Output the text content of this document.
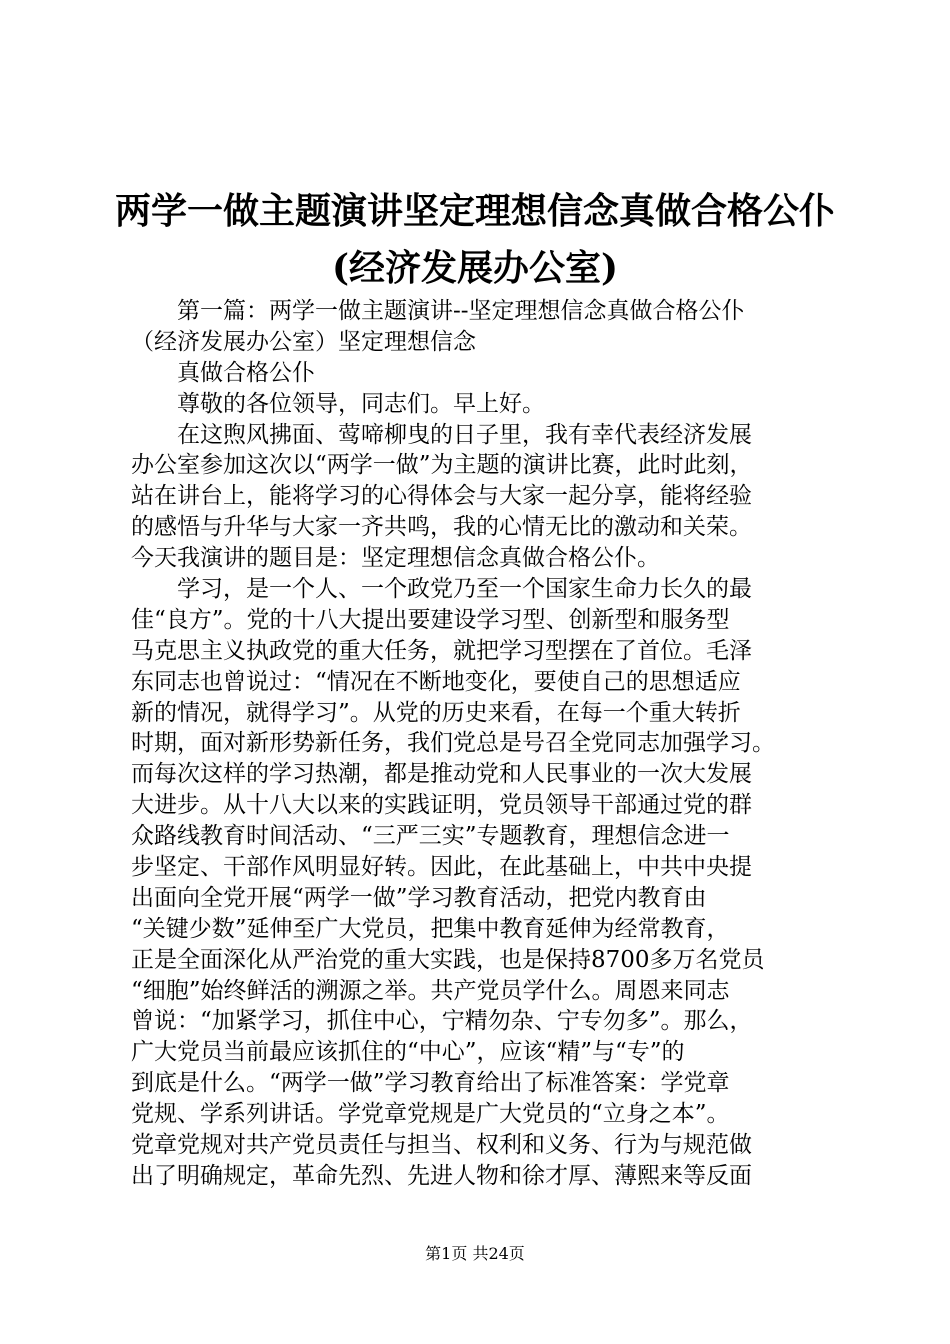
两学一做主题演讲坚定理想信念真做合格公仆
(经济发展办公室)
　　第一篇：两学一做主题演讲--坚定理想信念真做合格公仆
（经济发展办公室）坚定理想信念
　　真做合格公仆
　　尊敬的各位领导，同志们。早上好。
　　在这煦风拂面、莺啼柳曳的日子里，我有幸代表经济发展
办公室参加这次以“两学一做”为主题的演讲比赛，此时此刻，
站在讲台上，能将学习的心得体会与大家一起分享，能将经验
的感悟与升华与大家一齐共鸣，我的心情无比的激动和关荣。
今天我演讲的题目是：坚定理想信念真做合格公仆。
　　学习，是一个人、一个政党乃至一个国家生命力长久的最
佳“良方”。党的十八大提出要建设学习型、创新型和服务型
马克思主义执政党的重大任务，就把学习型摆在了首位。毛泽
东同志也曾说过：“情况在不断地变化，要使自己的思想适应
新的情况，就得学习”。从党的历史来看，在每一个重大转折
时期，面对新形势新任务，我们党总是号召全党同志加强学习。
而每次这样的学习热潮，都是推动党和人民事业的一次大发展
大进步。从十八大以来的实践证明，党员领导干部通过党的群
众路线教育时间活动、“三严三实”专题教育，理想信念进一
步坚定、干部作风明显好转。因此，在此基础上，中共中央提
出面向全党开展“两学一做”学习教育活动，把党内教育由
“关键少数”延伸至广大党员，把集中教育延伸为经常教育，
正是全面深化从严治党的重大实践，也是保持8700多万名党员
“细胞”始终鲜活的溯源之举。共产党员学什么。周恩来同志
曾说：“加紧学习，抓住中心，宁精勿杂、宁专勿多”。那么，
广大党员当前最应该抓住的“中心”，应该“精”与“专”的
到底是什么。“两学一做”学习教育给出了标准答案：学党章
党规、学系列讲话。学党章党规是广大党员的“立身之本”。
党章党规对共产党员责任与担当、权利和义务、行为与规范做
出了明确规定，革命先烈、先进人物和徐才厚、薄熙来等反面
第1页 共24页
